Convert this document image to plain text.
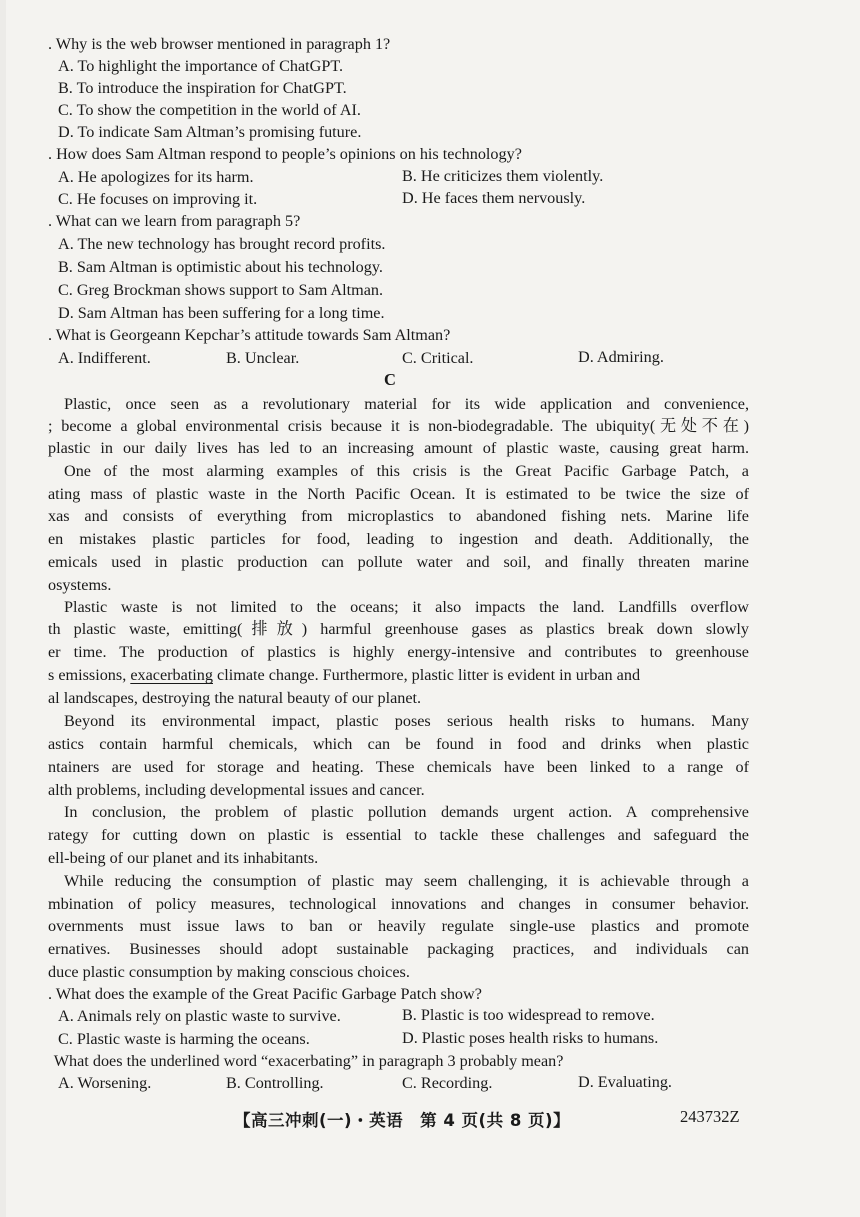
. Why is the web browser mentioned in paragraph 1?
A. To highlight the importance of ChatGPT.
B. To introduce the inspiration for ChatGPT.
C. To show the competition in the world of AI.
D. To indicate Sam Altman’s promising future.
. How does Sam Altman respond to people’s opinions on his technology?
A. He apologizes for its harm.	B. He criticizes them violently.
C. He focuses on improving it.	D. He faces them nervously.
. What can we learn from paragraph 5?
A. The new technology has brought record profits.
B. Sam Altman is optimistic about his technology.
C. Greg Brockman shows support to Sam Altman.
D. Sam Altman has been suffering for a long time.
. What is Georgeann Kepchar’s attitude towards Sam Altman?
A. Indifferent.	B. Unclear.	C. Critical.	D. Admiring.
C
Plastic, once seen as a revolutionary material for its wide application and convenience,
; become a global environmental crisis because it is non-biodegradable. The ubiquity(无处不在)
plastic in our daily lives has led to an increasing amount of plastic waste, causing great harm.
One of the most alarming examples of this crisis is the Great Pacific Garbage Patch, a
ating mass of plastic waste in the North Pacific Ocean. It is estimated to be twice the size of
xas and consists of everything from microplastics to abandoned fishing nets. Marine life
en mistakes plastic particles for food, leading to ingestion and death. Additionally, the
emicals used in plastic production can pollute water and soil, and finally threaten marine
osystems.
Plastic waste is not limited to the oceans; it also impacts the land. Landfills overflow
th plastic waste, emitting(排放) harmful greenhouse gases as plastics break down slowly
er time. The production of plastics is highly energy-intensive and contributes to greenhouse
s emissions, exacerbating climate change. Furthermore, plastic litter is evident in urban and
al landscapes, destroying the natural beauty of our planet.
Beyond its environmental impact, plastic poses serious health risks to humans. Many
astics contain harmful chemicals, which can be found in food and drinks when plastic
ntainers are used for storage and heating. These chemicals have been linked to a range of
alth problems, including developmental issues and cancer.
In conclusion, the problem of plastic pollution demands urgent action. A comprehensive
rategy for cutting down on plastic is essential to tackle these challenges and safeguard the
ell-being of our planet and its inhabitants.
While reducing the consumption of plastic may seem challenging, it is achievable through a
mbination of policy measures, technological innovations and changes in consumer behavior.
overnments must issue laws to ban or heavily regulate single-use plastics and promote
ernatives. Businesses should adopt sustainable packaging practices, and individuals can
duce plastic consumption by making conscious choices.
. What does the example of the Great Pacific Garbage Patch show?
A. Animals rely on plastic waste to survive.	B. Plastic is too widespread to remove.
C. Plastic waste is harming the oceans.	D. Plastic poses health risks to humans.
What does the underlined word “exacerbating” in paragraph 3 probably mean?
A. Worsening.	B. Controlling.	C. Recording.	D. Evaluating.
【高三冲刺(一)・英语　第 4 页(共 8 页)】	243732Z
